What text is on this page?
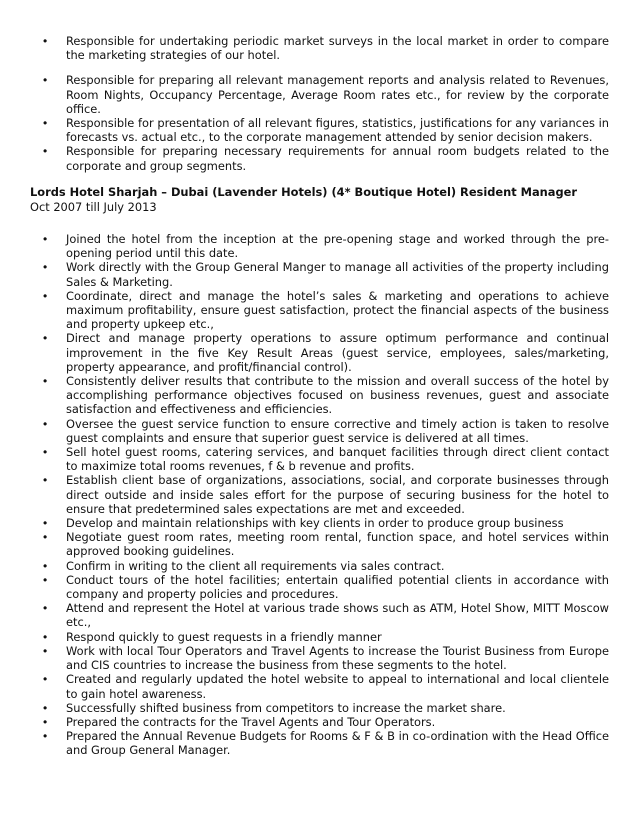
• Responsible for undertaking periodic market surveys in the local market in order to compare the marketing strategies of our hotel.
• Responsible for preparing all relevant management reports and analysis related to Revenues, Room Nights, Occupancy Percentage, Average Room rates etc., for review by the corporate office.
• Responsible for presentation of all relevant figures, statistics, justifications for any variances in forecasts vs. actual etc., to the corporate management attended by senior decision makers.
• Responsible for preparing necessary requirements for annual room budgets related to the corporate and group segments.

Lords Hotel Sharjah – Dubai (Lavender Hotels) (4* Boutique Hotel) Resident Manager

Oct 2007 till July 2013

• Joined the hotel from the inception at the pre-opening stage and worked through the pre-opening period until this date.
• Work directly with the Group General Manger to manage all activities of the property including Sales & Marketing.
• Coordinate, direct and manage the hotel’s sales & marketing and operations to achieve maximum profitability, ensure guest satisfaction, protect the financial aspects of the business and property upkeep etc.,
• Direct and manage property operations to assure optimum performance and continual improvement in the five Key Result Areas (guest service, employees, sales/marketing, property appearance, and profit/financial control).
• Consistently deliver results that contribute to the mission and overall success of the hotel by accomplishing performance objectives focused on business revenues, guest and associate satisfaction and effectiveness and efficiencies.
• Oversee the guest service function to ensure corrective and timely action is taken to resolve guest complaints and ensure that superior guest service is delivered at all times.
• Sell hotel guest rooms, catering services, and banquet facilities through direct client contact to maximize total rooms revenues, f & b revenue and profits.
• Establish client base of organizations, associations, social, and corporate businesses through direct outside and inside sales effort for the purpose of securing business for the hotel to ensure that predetermined sales expectations are met and exceeded.
• Develop and maintain relationships with key clients in order to produce group business
• Negotiate guest room rates, meeting room rental, function space, and hotel services within approved booking guidelines.
• Confirm in writing to the client all requirements via sales contract.
• Conduct tours of the hotel facilities; entertain qualified potential clients in accordance with company and property policies and procedures.
• Attend and represent the Hotel at various trade shows such as ATM, Hotel Show, MITT Moscow etc.,
• Respond quickly to guest requests in a friendly manner
• Work with local Tour Operators and Travel Agents to increase the Tourist Business from Europe and CIS countries to increase the business from these segments to the hotel.
• Created and regularly updated the hotel website to appeal to international and local clientele to gain hotel awareness.
• Successfully shifted business from competitors to increase the market share.
• Prepared the contracts for the Travel Agents and Tour Operators.
• Prepared the Annual Revenue Budgets for Rooms & F & B in co-ordination with the Head Office and Group General Manager.
